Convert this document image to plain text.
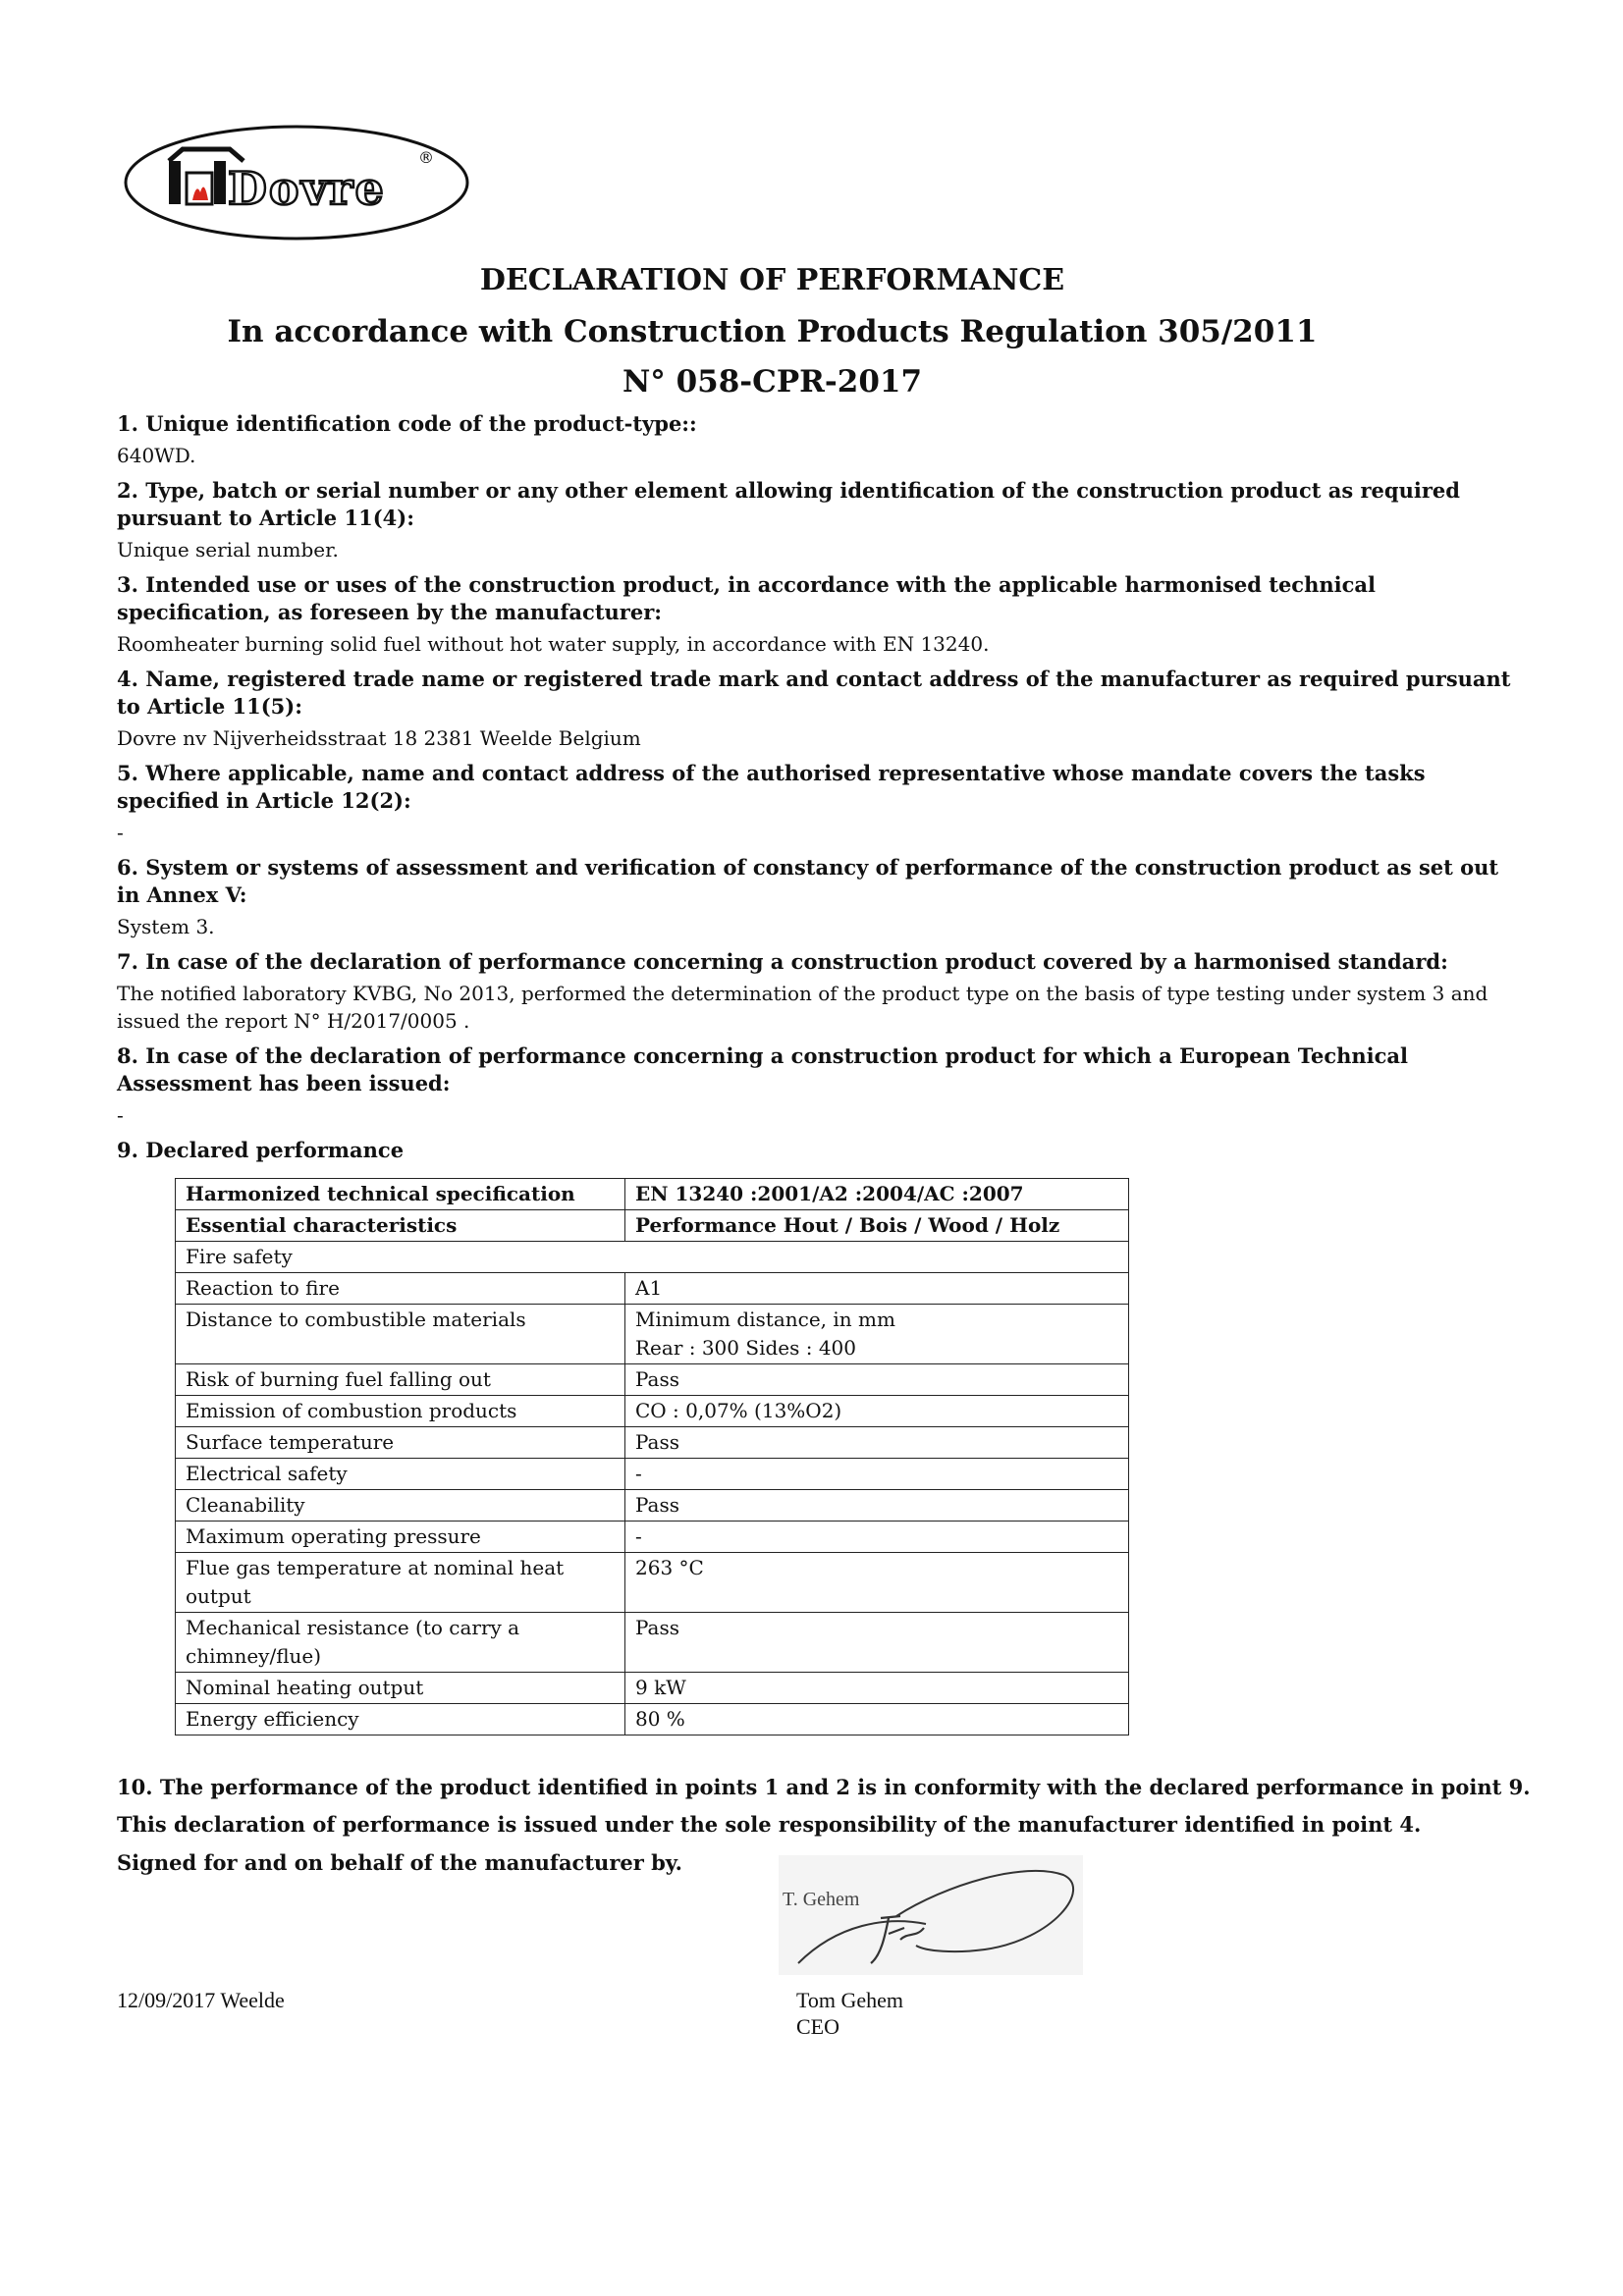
Dovre
®
DECLARATION OF PERFORMANCE
In accordance with Construction Products Regulation 305/2011
N° 058-CPR-2017

1. Unique identification code of the product-type::

640WD.

2. Type, batch or serial number or any other element allowing identification of the construction product as required pursuant to Article 11(4):

Unique serial number.

3. Intended use or uses of the construction product, in accordance with the applicable harmonised technical specification, as foreseen by the manufacturer:

Roomheater burning solid fuel without hot water supply, in accordance with EN 13240.

4. Name, registered trade name or registered trade mark and contact address of the manufacturer as required pursuant to Article 11(5):

Dovre nv Nijverheidsstraat 18 2381 Weelde Belgium

5. Where applicable, name and contact address of the authorised representative whose mandate covers the tasks specified in Article 12(2):

-

6. System or systems of assessment and verification of constancy of performance of the construction product as set out in Annex V:

System 3.

7. In case of the declaration of performance concerning a construction product covered by a harmonised standard:

The notified laboratory KVBG, No 2013, performed the determination of the product type on the basis of type testing under system 3 and issued the report N° H/2017/0005 .

8. In case of the declaration of performance concerning a construction product for which a European Technical Assessment has been issued:

-

9. Declared performance

Harmonized technical specification	EN 13240 :2001/A2 :2004/AC :2007
Essential characteristics	Performance Hout / Bois / Wood / Holz
Fire safety	
Reaction to fire	A1
Distance to combustible materials	Minimum distance, in mm
Rear : 300 Sides : 400
Risk of burning fuel falling out	Pass
Emission of combustion products	CO : 0,07% (13%O2)
Surface temperature	Pass
Electrical safety	-
Cleanability	Pass
Maximum operating pressure	-
Flue gas temperature at nominal heat output	263 °C
Mechanical resistance (to carry a chimney/flue)	Pass
Nominal heating output	9 kW
Energy efficiency	80 %
10. The performance of the product identified in points 1 and 2 is in conformity with the declared performance in point 9.
This declaration of performance is issued under the sole responsibility of the manufacturer identified in point 4.
Signed for and on behalf of the manufacturer by.
T. Gehem
12/09/2017 Weelde	Tom Gehem
CEO
